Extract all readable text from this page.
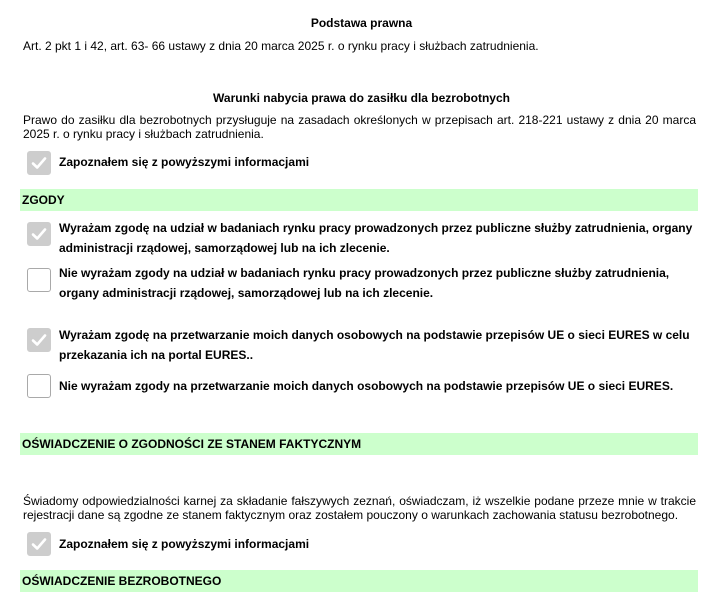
Podstawa prawna
Art. 2 pkt 1 i 42, art. 63- 66 ustawy z dnia 20 marca 2025 r. o rynku pracy i służbach zatrudnienia.
Warunki nabycia prawa do zasiłku dla bezrobotnych
Prawo do zasiłku dla bezrobotnych przysługuje na zasadach określonych w przepisach art. 218-221 ustawy z dnia 20 marca 2025 r. o rynku pracy i służbach zatrudnienia.
Zapoznałem się z powyższymi informacjami
ZGODY
Wyrażam zgodę na udział w badaniach rynku pracy prowadzonych przez publiczne służby zatrudnienia, organy administracji rządowej, samorządowej lub na ich zlecenie.
Nie wyrażam zgody na udział w badaniach rynku pracy prowadzonych przez publiczne służby zatrudnienia, organy administracji rządowej, samorządowej lub na ich zlecenie.
Wyrażam zgodę na przetwarzanie moich danych osobowych na podstawie przepisów UE o sieci EURES w celu przekazania ich na portal EURES..
Nie wyrażam zgody na przetwarzanie moich danych osobowych na podstawie przepisów UE o sieci EURES.
OŚWIADCZENIE O ZGODNOŚCI ZE STANEM FAKTYCZNYM
Świadomy odpowiedzialności karnej za składanie fałszywych zeznań, oświadczam, iż wszelkie podane przeze mnie w trakcie rejestracji dane są zgodne ze stanem faktycznym oraz zostałem pouczony o warunkach zachowania statusu bezrobotnego.
Zapoznałem się z powyższymi informacjami
OŚWIADCZENIE BEZROBOTNEGO
